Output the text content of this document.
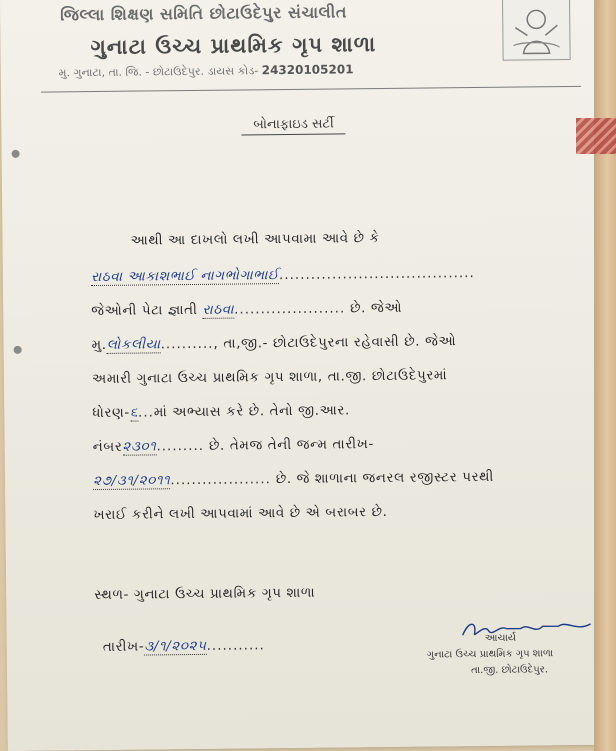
જિલ્લા શિક્ષણ સમિતિ છોટાઉદેપુર સંચાલીત
ગુનાટા ઉચ્ચ પ્રાથમિક ગૃપ શાળા
મુ. ગુનાટા, તા. જિ. - છોટાઉદેપુર. ડાયસ કોડ- 24320105201
બોનાફાઇડ સર્ટી
આથી આ દાખલો લખી આપવામા આવે છે કે
રાઠવા આકાશભાઈ નાગભોગાભાઈ.....................................
જેઓની પેટા જ્ઞાતી રાઠવા..................... છે. જેઓ
મુ.લોકલીયા.........., તા,જી.- છોટાઉદેપુરના રહેવાસી છે. જેઓ
અમારી ગુનાટા ઉચ્ચ પ્રાથમિક ગૃપ શાળા, તા.જી. છોટાઉદેપુરમાં
ધોરણ-૬...માં અભ્યાસ કરે છે. તેનો જી.આર.
નંબર૨૩૦૧......... છે. તેમજ તેની જન્મ તારીખ-
૨૭/૩૧/૨૦૧૧................... છે. જે શાળાના જનરલ રજીસ્ટર પરથી
ખરાઈ કરીને લખી આપવામાં આવે છે એ બરાબર છે.
સ્થળ- ગુનાટા ઉચ્ચ પ્રાથમિક ગૃપ શાળા
તારીખ-૩/૧/૨૦૨૫...........	આચાર્ય
ગુનાટા ઉચ્ચ પ્રાથમિક ગૃપ શાળા
તા.જી. છોટાઉદેપુર.
